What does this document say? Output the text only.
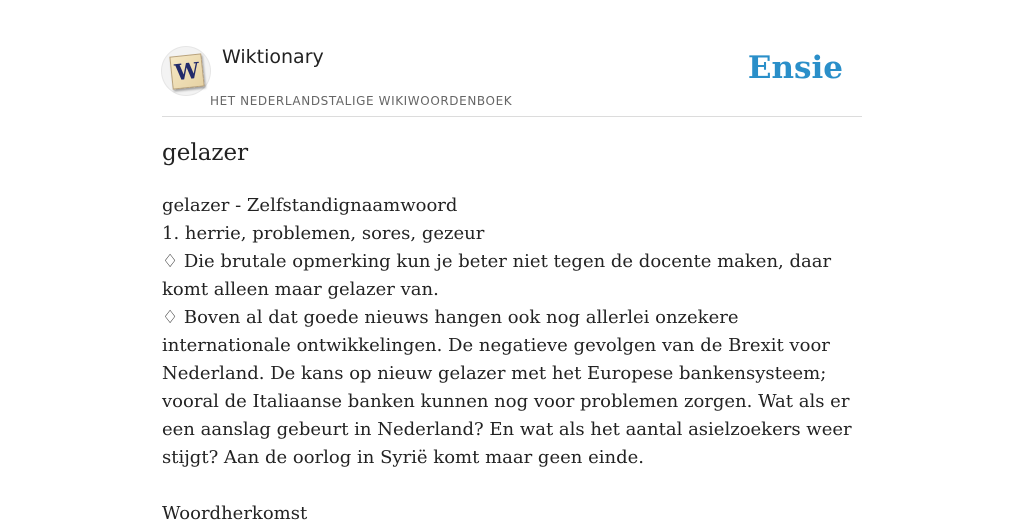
W
Wiktionary
HET NEDERLANDSTALIGE WIKIWOORDENBOEK
Ensie
gelazer

gelazer - Zelfstandignaamwoord

1. herrie, problemen, sores, gezeur

♢ Die brutale opmerking kun je beter niet tegen de docente maken, daar komt alleen maar gelazer van.

♢ Boven al dat goede nieuws hangen ook nog allerlei onzekere internationale ontwikkelingen. De negatieve gevolgen van de Brexit voor Nederland. De kans op nieuw gelazer met het Europese bankensysteem; vooral de Italiaanse banken kunnen nog voor problemen zorgen. Wat als er een aanslag gebeurt in Nederland? En wat als het aantal asielzoekers weer stijgt? Aan de oorlog in Syrië komt maar geen einde.

Woordherkomst
